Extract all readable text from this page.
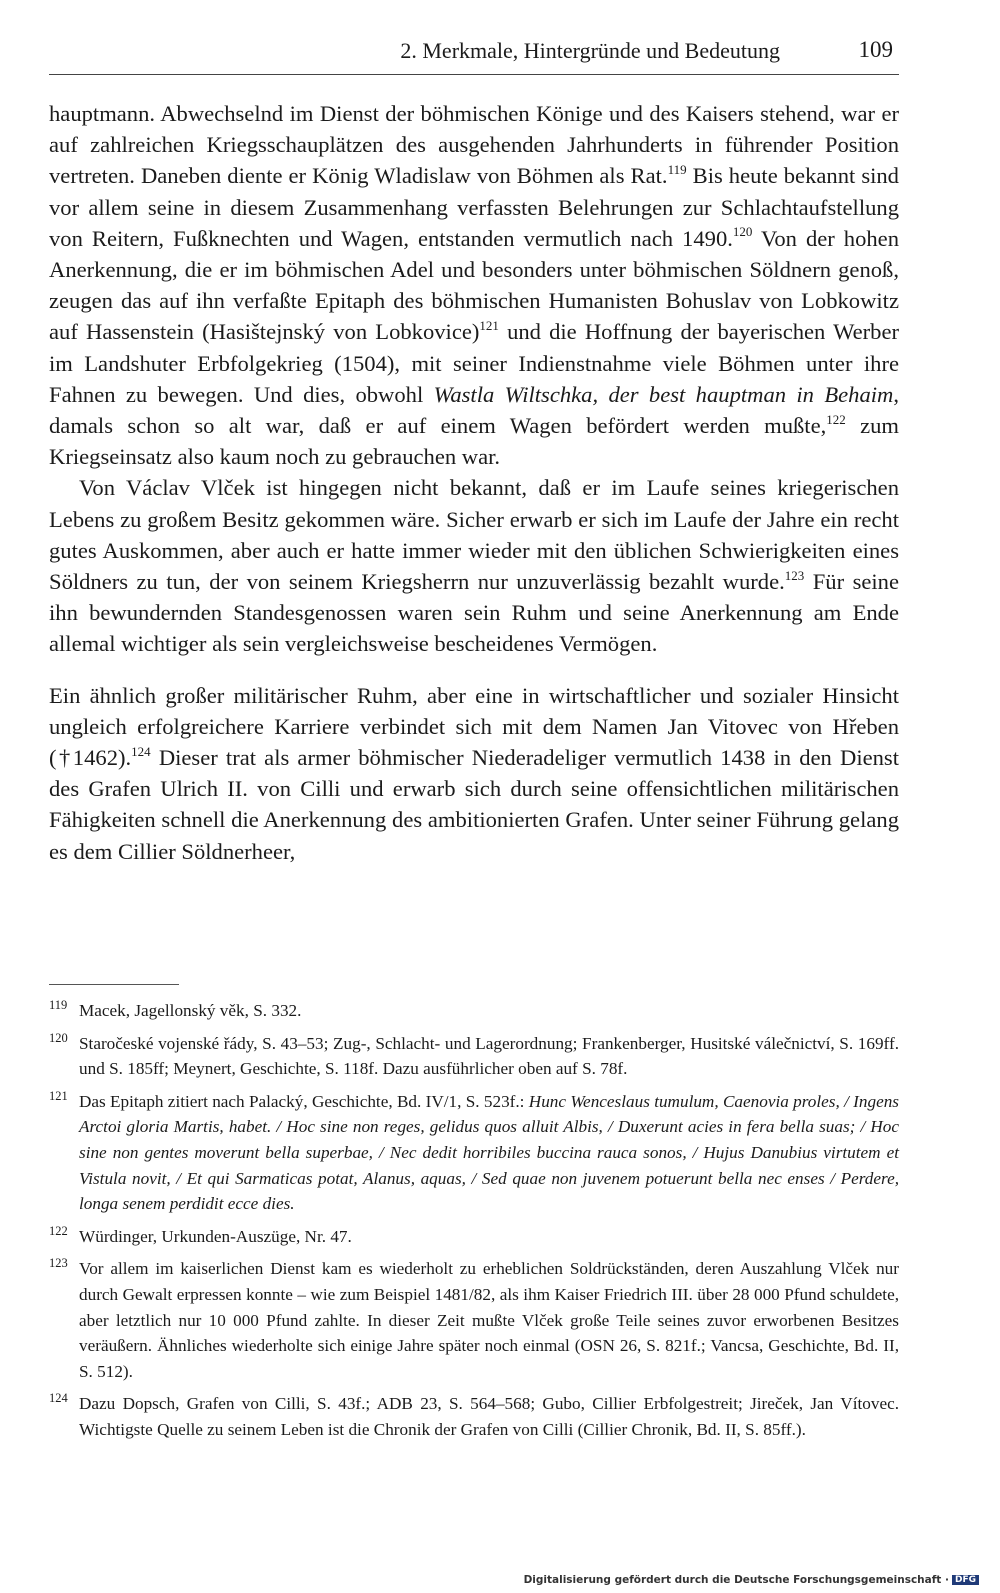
2. Merkmale, Hintergründe und Bedeutung	109

hauptmann. Abwechselnd im Dienst der böhmischen Könige und des Kaisers stehend, war er auf zahlreichen Kriegsschauplätzen des ausgehenden Jahrhunderts in führender Position vertreten. Daneben diente er König Wladislaw von Böhmen als Rat.$^{119}$ Bis heute bekannt sind vor allem seine in diesem Zusammenhang verfassten Belehrungen zur Schlachtaufstellung von Reitern, Fußknechten und Wagen, entstanden vermutlich nach 1490.$^{120}$ Von der hohen Anerkennung, die er im böhmischen Adel und besonders unter böhmischen Söldnern genoß, zeugen das auf ihn verfaßte Epitaph des böhmischen Humanisten Bohuslav von Lobkowitz auf Hassenstein (Hasištejnský von Lobkovice)$^{121}$ und die Hoffnung der bayerischen Werber im Landshuter Erbfolgekrieg (1504), mit seiner Indienstnahme viele Böhmen unter ihre Fahnen zu bewegen. Und dies, obwohl Wastla Wiltschka, der best hauptman in Behaim, damals schon so alt war, daß er auf einem Wagen befördert werden mußte,$^{122}$ zum Kriegseinsatz also kaum noch zu gebrauchen war.

Von Václav Vlček ist hingegen nicht bekannt, daß er im Laufe seines kriegerischen Lebens zu großem Besitz gekommen wäre. Sicher erwarb er sich im Laufe der Jahre ein recht gutes Auskommen, aber auch er hatte immer wieder mit den üblichen Schwierigkeiten eines Söldners zu tun, der von seinem Kriegsherrn nur unzuverlässig bezahlt wurde.$^{123}$ Für seine ihn bewundernden Standesgenossen waren sein Ruhm und seine Anerkennung am Ende allemal wichtiger als sein vergleichsweise bescheidenes Vermögen.

Ein ähnlich großer militärischer Ruhm, aber eine in wirtschaftlicher und sozialer Hinsicht ungleich erfolgreichere Karriere verbindet sich mit dem Namen Jan Vitovec von Hřeben (†1462).$^{124}$ Dieser trat als armer böhmischer Niederadeliger vermutlich 1438 in den Dienst des Grafen Ulrich II. von Cilli und erwarb sich durch seine offensichtlichen militärischen Fähigkeiten schnell die Anerkennung des ambitionierten Grafen. Unter seiner Führung gelang es dem Cillier Söldnerheer,

119 Macek, Jagellonský věk, S. 332.
120 Staročeské vojenské řády, S. 43–53; Zug-, Schlacht- und Lagerordnung; Frankenberger, Husitské válečnictví, S. 169ff. und S. 185ff; Meynert, Geschichte, S. 118f. Dazu ausführlicher oben auf S. 78f.
121 Das Epitaph zitiert nach Palacký, Geschichte, Bd. IV/1, S. 523f.: Hunc Wenceslaus tumulum, Caenovia proles, / Ingens Arctoi gloria Martis, habet. / Hoc sine non reges, gelidus quos alluit Albis, / Duxerunt acies in fera bella suas; / Hoc sine non gentes moverunt bella superbae, / Nec dedit horribiles buccina rauca sonos, / Hujus Danubius virtutem et Vistula novit, / Et qui Sarmaticas potat, Alanus, aquas, / Sed quae non juvenem potuerunt bella nec enses / Perdere, longa senem perdidit ecce dies.
122 Würdinger, Urkunden-Auszüge, Nr. 47.
123 Vor allem im kaiserlichen Dienst kam es wiederholt zu erheblichen Soldrückständen, deren Auszahlung Vlček nur durch Gewalt erpressen konnte – wie zum Beispiel 1481/82, als ihm Kaiser Friedrich III. über 28 000 Pfund schuldete, aber letztlich nur 10 000 Pfund zahlte. In dieser Zeit mußte Vlček große Teile seines zuvor erworbenen Besitzes veräußern. Ähnliches wiederholte sich einige Jahre später noch einmal (OSN 26, S. 821f.; Vancsa, Geschichte, Bd. II, S. 512).
124 Dazu Dopsch, Grafen von Cilli, S. 43f.; ADB 23, S. 564–568; Gubo, Cillier Erbfolgestreit; Jireček, Jan Vítovec. Wichtigste Quelle zu seinem Leben ist die Chronik der Grafen von Cilli (Cillier Chronik, Bd. II, S. 85ff.).
Digitalisierung gefördert durch die Deutsche Forschungsgemeinschaft · DFG
